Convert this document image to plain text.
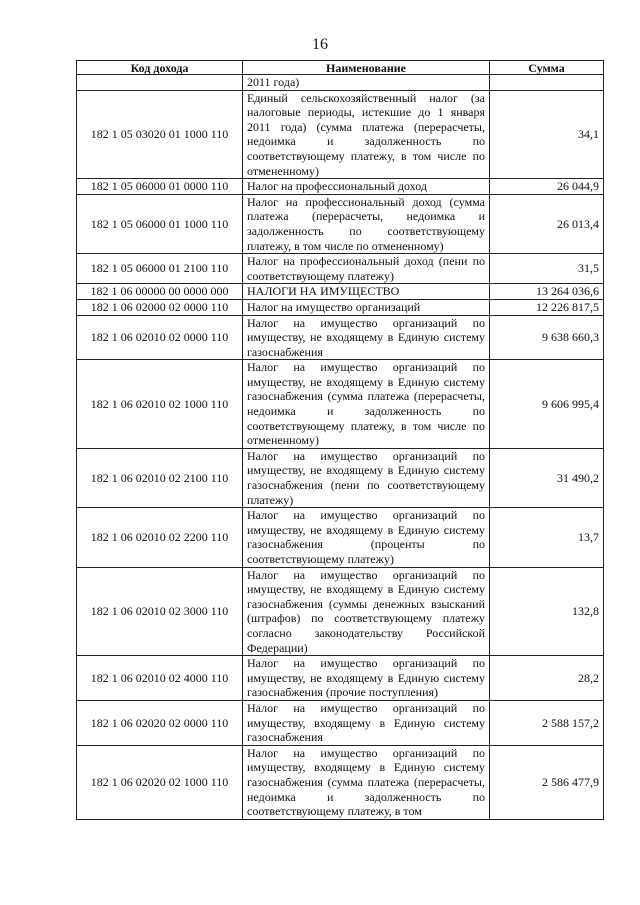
16
Код дохода	Наименование	Сумма
	2011 года)	
182 1 05 03020 01 1000 110	Единый сельскохозяйственный налог (за налоговые периоды, истекшие до 1 января 2011 года) (сумма платежа (перерасчеты, недоимка и задолженность по соответствующему платежу, в том числе по отмененному)	34,1
182 1 05 06000 01 0000 110	Налог на профессиональный доход	26 044,9
182 1 05 06000 01 1000 110	Налог на профессиональный доход (сумма платежа (перерасчеты, недоимка и задолженность по соответствующему платежу, в том числе по отмененному)	26 013,4
182 1 05 06000 01 2100 110	Налог на профессиональный доход (пени по соответствующему платежу)	31,5
182 1 06 00000 00 0000 000	НАЛОГИ НА ИМУЩЕСТВО	13 264 036,6
182 1 06 02000 02 0000 110	Налог на имущество организаций	12 226 817,5
182 1 06 02010 02 0000 110	Налог на имущество организаций по имуществу, не входящему в Единую систему газоснабжения	9 638 660,3
182 1 06 02010 02 1000 110	Налог на имущество организаций по имуществу, не входящему в Единую систему газоснабжения (сумма платежа (перерасчеты, недоимка и задолженность по соответствующему платежу, в том числе по отмененному)	9 606 995,4
182 1 06 02010 02 2100 110	Налог на имущество организаций по имуществу, не входящему в Единую систему газоснабжения (пени по соответствующему платежу)	31 490,2
182 1 06 02010 02 2200 110	Налог на имущество организаций по имуществу, не входящему в Единую систему газоснабжения (проценты по соответствующему платежу)	13,7
182 1 06 02010 02 3000 110	Налог на имущество организаций по имуществу, не входящему в Единую систему газоснабжения (суммы денежных взысканий (штрафов) по соответствующему платежу согласно законодательству Российской Федерации)	132,8
182 1 06 02010 02 4000 110	Налог на имущество организаций по имуществу, не входящему в Единую систему газоснабжения (прочие поступления)	28,2
182 1 06 02020 02 0000 110	Налог на имущество организаций по имуществу, входящему в Единую систему газоснабжения	2 588 157,2
182 1 06 02020 02 1000 110	Налог на имущество организаций по имуществу, входящему в Единую систему газоснабжения (сумма платежа (перерасчеты, недоимка и задолженность по соответствующему платежу, в том	2 586 477,9
